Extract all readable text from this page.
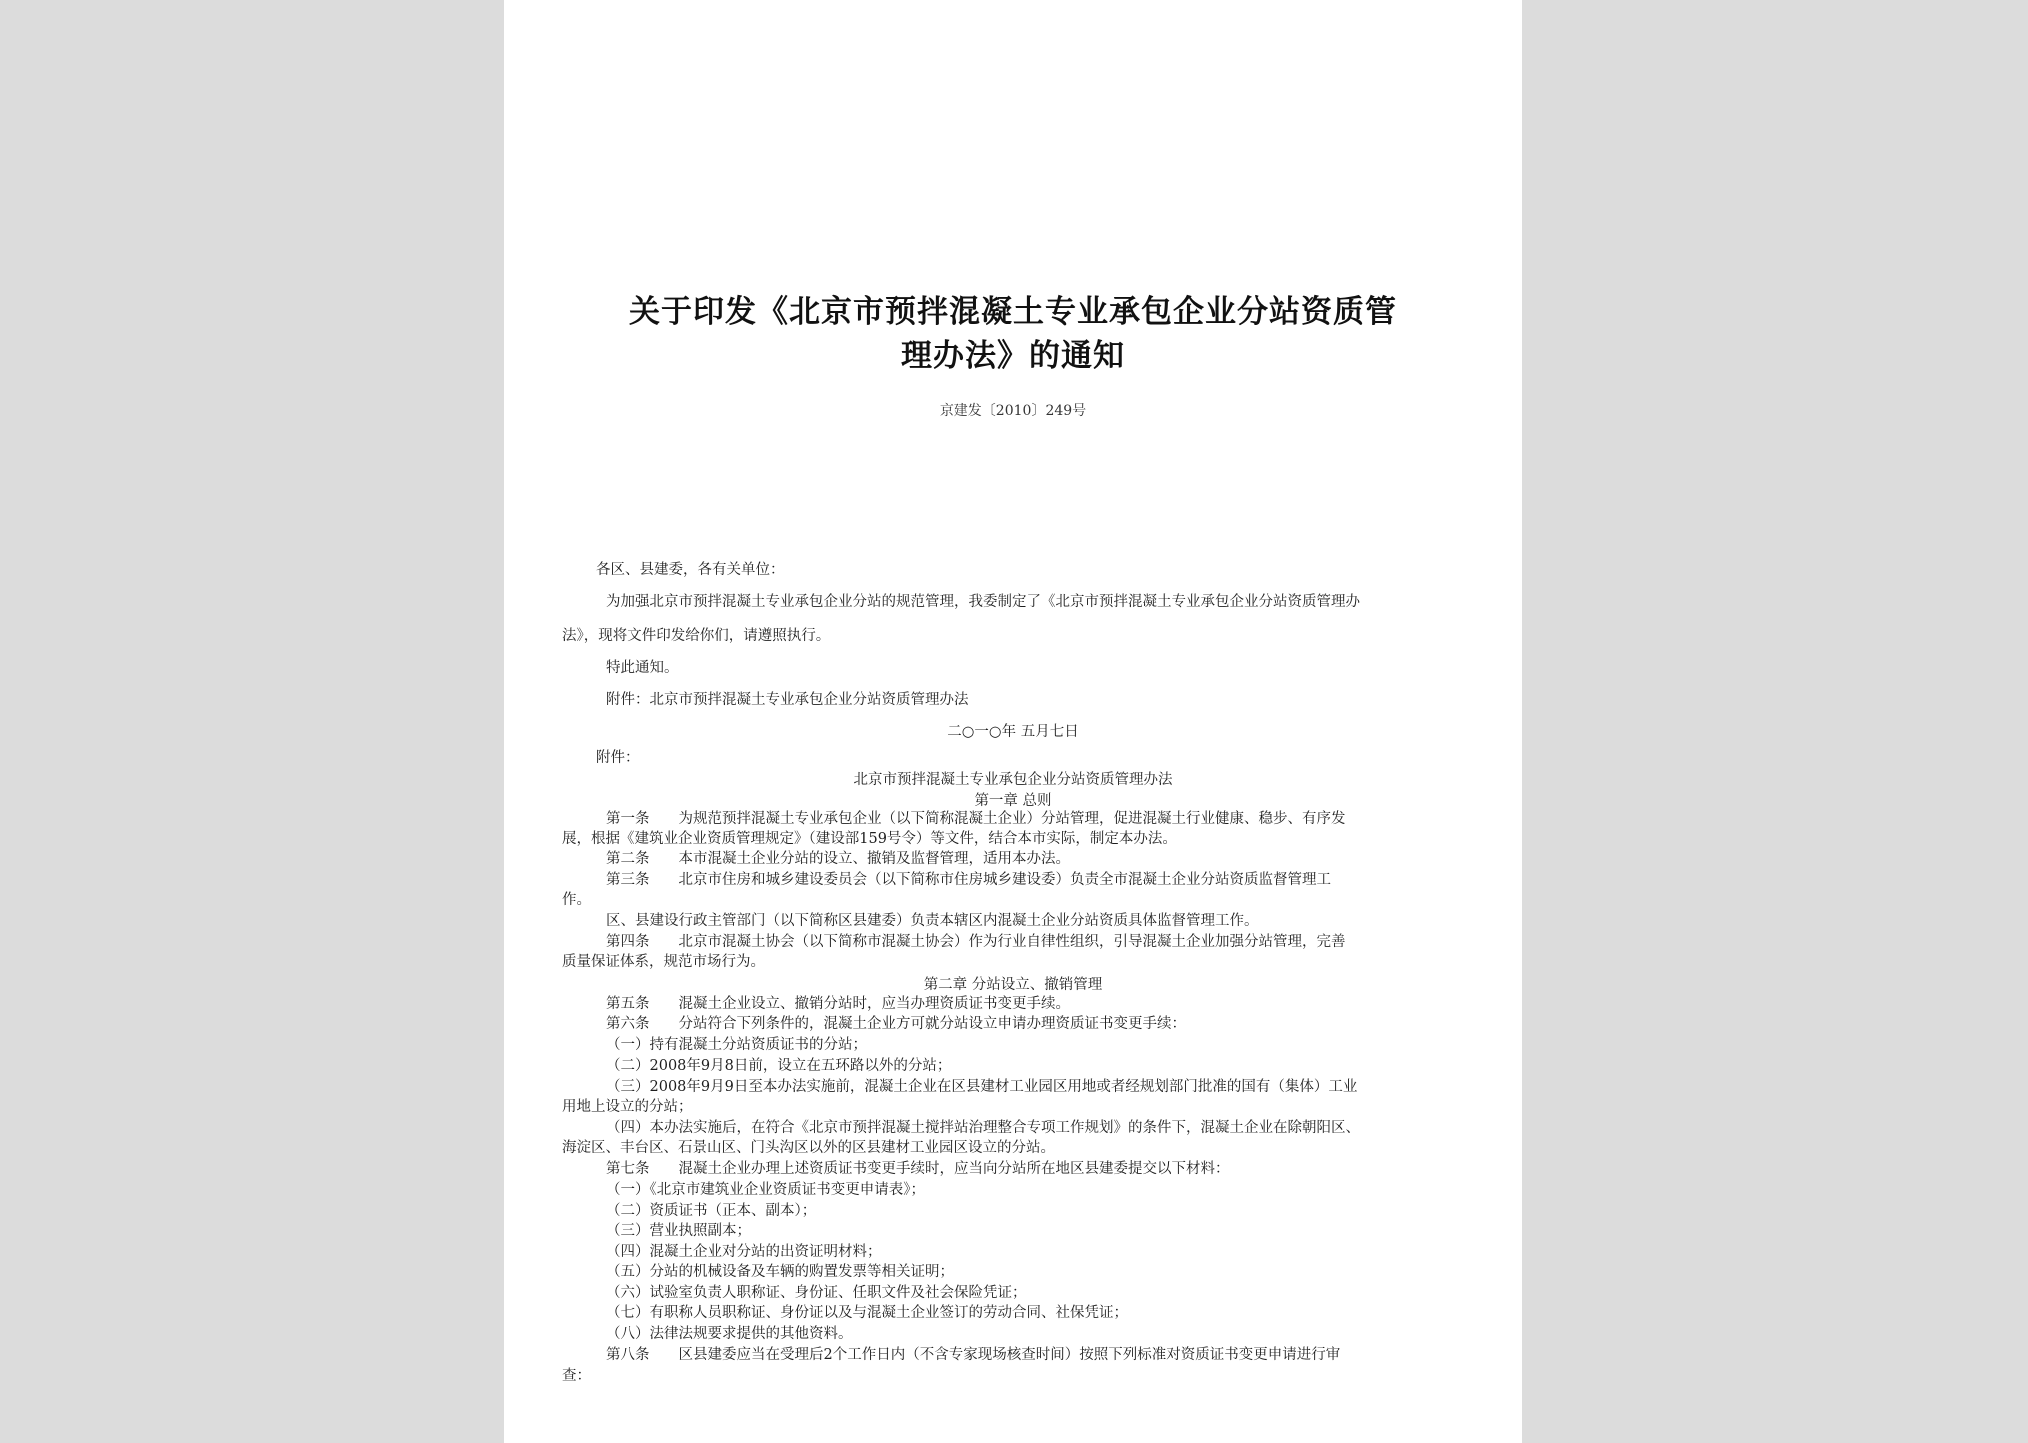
关于印发《北京市预拌混凝土专业承包企业分站资质管
理办法》的通知
京建发〔2010〕249号
各区、县建委，各有关单位：
为加强北京市预拌混凝土专业承包企业分站的规范管理，我委制定了《北京市预拌混凝土专业承包企业分站资质管理办
法》，现将文件印发给你们，请遵照执行。
特此通知。
附件：北京市预拌混凝土专业承包企业分站资质管理办法
二○一○年 五月七日
附件：
北京市预拌混凝土专业承包企业分站资质管理办法
第一章 总则
第一条　　为规范预拌混凝土专业承包企业（以下简称混凝土企业）分站管理，促进混凝土行业健康、稳步、有序发
展，根据《建筑业企业资质管理规定》（建设部159号令）等文件，结合本市实际，制定本办法。
第二条　　本市混凝土企业分站的设立、撤销及监督管理，适用本办法。
第三条　　北京市住房和城乡建设委员会（以下简称市住房城乡建设委）负责全市混凝土企业分站资质监督管理工
作。
区、县建设行政主管部门（以下简称区县建委）负责本辖区内混凝土企业分站资质具体监督管理工作。
第四条　　北京市混凝土协会（以下简称市混凝土协会）作为行业自律性组织，引导混凝土企业加强分站管理，完善
质量保证体系，规范市场行为。
第二章 分站设立、撤销管理
第五条　　混凝土企业设立、撤销分站时，应当办理资质证书变更手续。
第六条　　分站符合下列条件的，混凝土企业方可就分站设立申请办理资质证书变更手续：
（一）持有混凝土分站资质证书的分站；
（二）2008年9月8日前，设立在五环路以外的分站；
（三）2008年9月9日至本办法实施前，混凝土企业在区县建材工业园区用地或者经规划部门批准的国有（集体）工业
用地上设立的分站；
（四）本办法实施后，在符合《北京市预拌混凝土搅拌站治理整合专项工作规划》的条件下，混凝土企业在除朝阳区、
海淀区、丰台区、石景山区、门头沟区以外的区县建材工业园区设立的分站。
第七条　　混凝土企业办理上述资质证书变更手续时，应当向分站所在地区县建委提交以下材料：
（一）《北京市建筑业企业资质证书变更申请表》；
（二）资质证书（正本、副本）；
（三）营业执照副本；
（四）混凝土企业对分站的出资证明材料；
（五）分站的机械设备及车辆的购置发票等相关证明；
（六）试验室负责人职称证、身份证、任职文件及社会保险凭证；
（七）有职称人员职称证、身份证以及与混凝土企业签订的劳动合同、社保凭证；
（八）法律法规要求提供的其他资料。
第八条　　区县建委应当在受理后2个工作日内（不含专家现场核查时间）按照下列标准对资质证书变更申请进行审
查：
